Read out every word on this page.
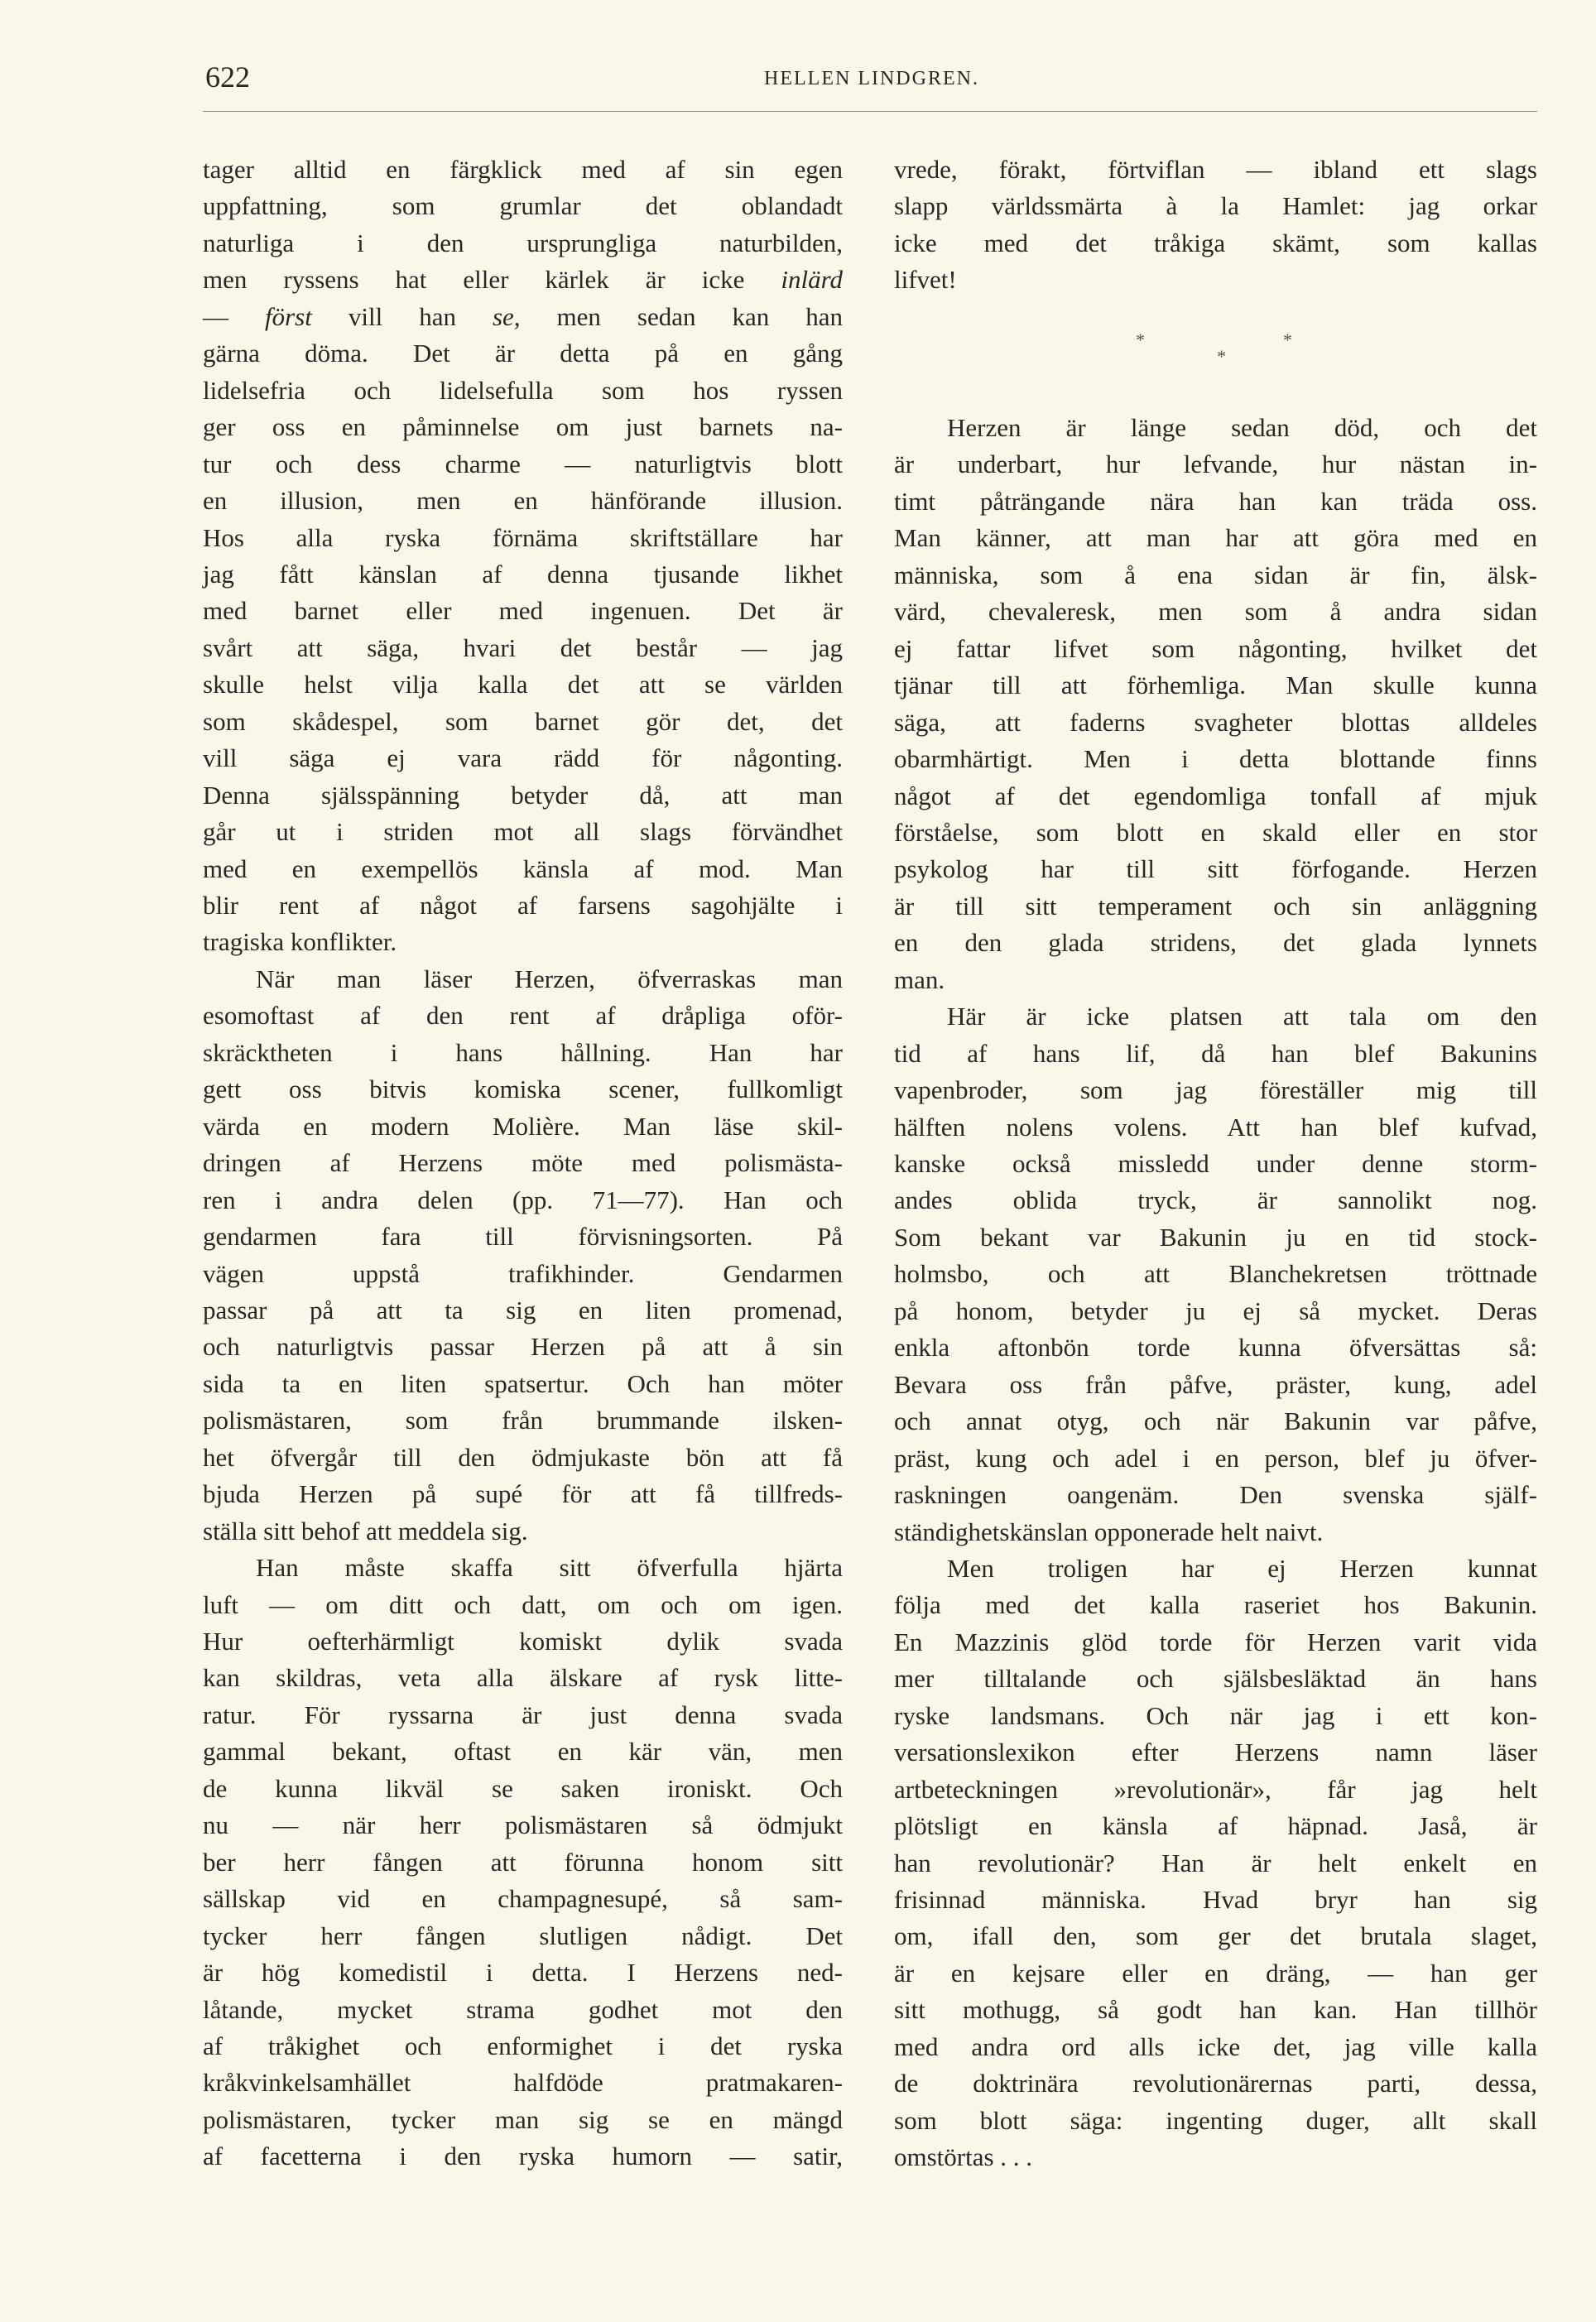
622	HELLEN LINDGREN.
tager alltid en färgklick med af sin egen
uppfattning, som grumlar det oblandadt
naturliga i den ursprungliga naturbilden,
men ryssens hat eller kärlek är icke inlärd
— först vill han se, men sedan kan han
gärna döma. Det är detta på en gång
lidelsefria och lidelsefulla som hos ryssen
ger oss en påminnelse om just barnets na-
tur och dess charme — naturligtvis blott
en illusion, men en hänförande illusion.
Hos alla ryska förnäma skriftställare har
jag fått känslan af denna tjusande likhet
med barnet eller med ingenuen. Det är
svårt att säga, hvari det består — jag
skulle helst vilja kalla det att se världen
som skådespel, som barnet gör det, det
vill säga ej vara rädd för någonting.
Denna själsspänning betyder då, att man
går ut i striden mot all slags förvändhet
med en exempellös känsla af mod. Man
blir rent af något af farsens sagohjälte i
tragiska konflikter.
När man läser Herzen, öfverraskas man
esomoftast af den rent af dråpliga oför-
skräcktheten i hans hållning. Han har
gett oss bitvis komiska scener, fullkomligt
värda en modern Molière. Man läse skil-
dringen af Herzens möte med polismästa-
ren i andra delen (pp. 71—77). Han och
gendarmen fara till förvisningsorten. På
vägen uppstå trafikhinder. Gendarmen
passar på att ta sig en liten promenad,
och naturligtvis passar Herzen på att å sin
sida ta en liten spatsertur. Och han möter
polismästaren, som från brummande ilsken-
het öfvergår till den ödmjukaste bön att få
bjuda Herzen på supé för att få tillfreds-
ställa sitt behof att meddela sig.
Han måste skaffa sitt öfverfulla hjärta
luft — om ditt och datt, om och om igen.
Hur oefterhärmligt komiskt dylik svada
kan skildras, veta alla älskare af rysk litte-
ratur. För ryssarna är just denna svada
gammal bekant, oftast en kär vän, men
de kunna likväl se saken ironiskt. Och
nu — när herr polismästaren så ödmjukt
ber herr fången att förunna honom sitt
sällskap vid en champagnesupé, så sam-
tycker herr fången slutligen nådigt. Det
är hög komedistil i detta. I Herzens ned-
låtande, mycket strama godhet mot den
af tråkighet och enformighet i det ryska
kråkvinkelsamhället halfdöde pratmakaren-
polismästaren, tycker man sig se en mängd
af facetterna i den ryska humorn — satir,
*
*
*
vrede, förakt, förtviflan — ibland ett slags
slapp världssmärta à la Hamlet: jag orkar
icke med det tråkiga skämt, som kallas
lifvet!
Herzen är länge sedan död, och det
är underbart, hur lefvande, hur nästan in-
timt påträngande nära han kan träda oss.
Man känner, att man har att göra med en
människa, som å ena sidan är fin, älsk-
värd, chevaleresk, men som å andra sidan
ej fattar lifvet som någonting, hvilket det
tjänar till att förhemliga. Man skulle kunna
säga, att faderns svagheter blottas alldeles
obarmhärtigt. Men i detta blottande finns
något af det egendomliga tonfall af mjuk
förståelse, som blott en skald eller en stor
psykolog har till sitt förfogande. Herzen
är till sitt temperament och sin anläggning
en den glada stridens, det glada lynnets
man.
Här är icke platsen att tala om den
tid af hans lif, då han blef Bakunins
vapenbroder, som jag föreställer mig till
hälften nolens volens. Att han blef kufvad,
kanske också missledd under denne storm-
andes oblida tryck, är sannolikt nog.
Som bekant var Bakunin ju en tid stock-
holmsbo, och att Blanchekretsen tröttnade
på honom, betyder ju ej så mycket. Deras
enkla aftonbön torde kunna öfversättas så:
Bevara oss från påfve, präster, kung, adel
och annat otyg, och när Bakunin var påfve,
präst, kung och adel i en person, blef ju öfver-
raskningen oangenäm. Den svenska själf-
ständighetskänslan opponerade helt naivt.
Men troligen har ej Herzen kunnat
följa med det kalla raseriet hos Bakunin.
En Mazzinis glöd torde för Herzen varit vida
mer tilltalande och själsbesläktad än hans
ryske landsmans. Och när jag i ett kon-
versationslexikon efter Herzens namn läser
artbeteckningen »revolutionär», får jag helt
plötsligt en känsla af häpnad. Jaså, är
han revolutionär? Han är helt enkelt en
frisinnad människa. Hvad bryr han sig
om, ifall den, som ger det brutala slaget,
är en kejsare eller en dräng, — han ger
sitt mothugg, så godt han kan. Han tillhör
med andra ord alls icke det, jag ville kalla
de doktrinära revolutionärernas parti, dessa,
som blott säga: ingenting duger, allt skall
omstörtas . . .
